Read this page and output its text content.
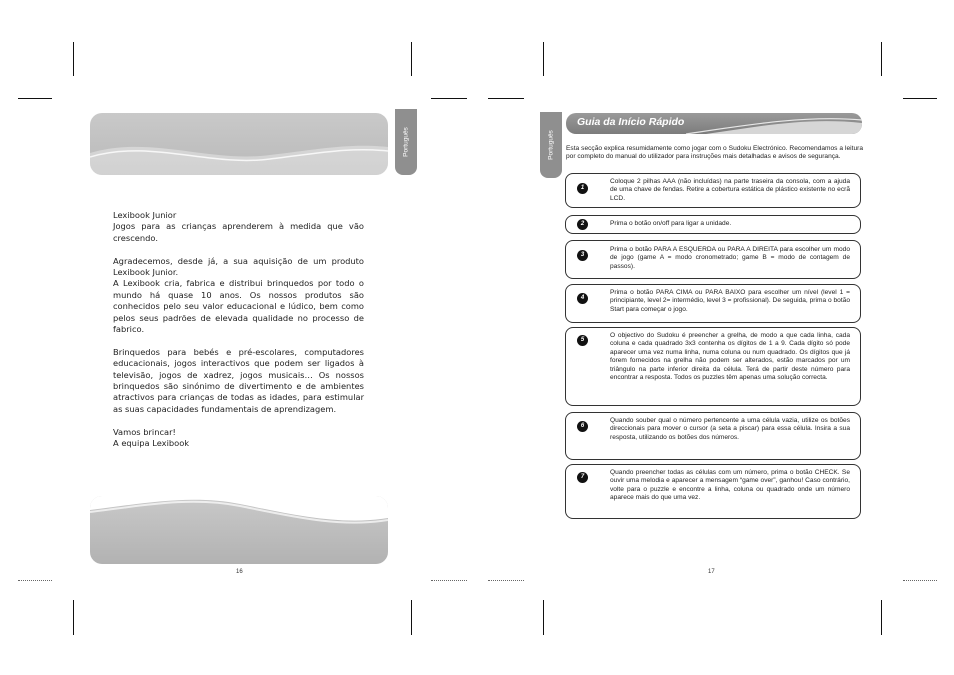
Português

Lexibook Junior

Jogos para as crianças aprenderem à medida que vão crescendo.

Agradecemos, desde já, a sua aquisição de um produto Lexibook Junior.

A Lexibook cria, fabrica e distribui brinquedos por todo o mundo há quase 10 anos. Os nossos produtos são conhecidos pelo seu valor educacional e lúdico, bem como pelos seus padrões de elevada qualidade no processo de fabrico.

Brinquedos para bebés e pré-escolares, computadores educacionais, jogos interactivos que podem ser ligados à televisão, jogos de xadrez, jogos musicais… Os nossos brinquedos são sinónimo de divertimento e de ambientes atractivos para crianças de todas as idades, para estimular as suas capacidades fundamentais de aprendizagem.

Vamos brincar!

A equipa Lexibook

16
Português
Guia da Início Rápido
Esta secção explica resumidamente como jogar com o Sudoku Electrónico. Recomendamos a leitura por completo do manual do utilizador para instruções mais detalhadas e avisos de segurança.
1
Coloque 2 pilhas AAA (não incluídas) na parte traseira da consola, com a ajuda de uma chave de fendas. Retire a cobertura estática de plástico existente no ecrã LCD.
2	Prima o botão on/off para ligar a unidade.
3
Prima o botão PARA A ESQUERDA ou PARA A DIREITA para escolher um modo de jogo (game A = modo cronometrado; game B = modo de contagem de passos).
4
Prima o botão PARA CIMA ou PARA BAIXO para escolher um nível (level 1 = principiante, level 2= intermédio, level 3 = profissional). De seguida, prima o botão Start para começar o jogo.
5
O objectivo do Sudoku é preencher a grelha, de modo a que cada linha, cada coluna e cada quadrado 3x3 contenha os dígitos de 1 a 9. Cada dígito só pode aparecer uma vez numa linha, numa coluna ou num quadrado. Os dígitos que já forem fornecidos na grelha não podem ser alterados, estão marcados por um triângulo na parte inferior direita da célula. Terá de partir deste número para encontrar a resposta. Todos os puzzles têm apenas uma solução correcta.
6
Quando souber qual o número pertencente a uma célula vazia, utilize os botões direccionais para mover o cursor (a seta a piscar) para essa célula. Insira a sua resposta, utilizando os botões dos números.
7
Quando preencher todas as células com um número, prima o botão CHECK. Se ouvir uma melodia e aparecer a mensagem “game over”, ganhou! Caso contrário, volte para o puzzle e encontre a linha, coluna ou quadrado onde um número aparece mais do que uma vez.
17
